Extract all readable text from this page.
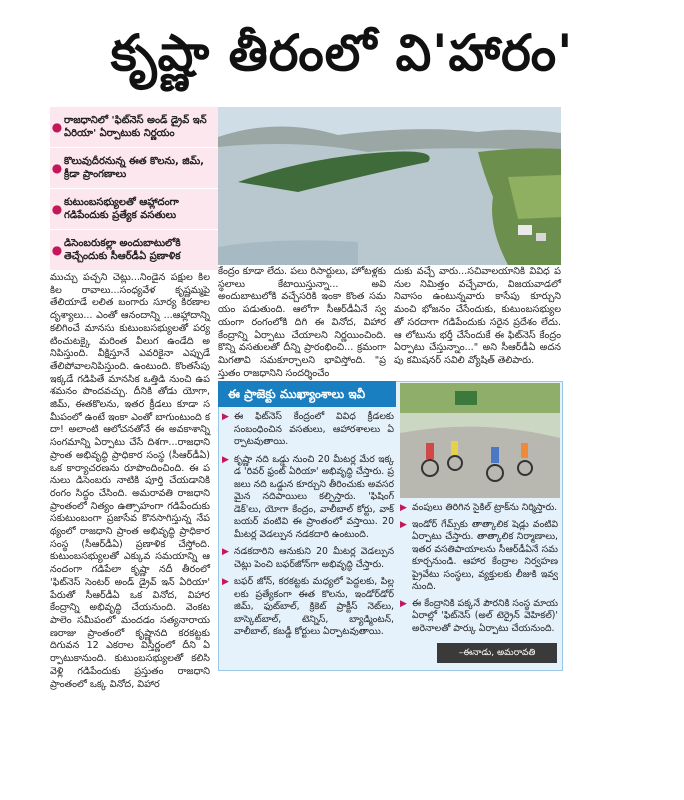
కృష్ణా తీరంలో వి'హారం'
● రాజధానిలో 'ఫిట్‌నెస్ అండ్ డ్రైవ్ ఇన్ ఏరియా' ఏర్పాటుకు నిర్ణయం
● కొలువుదీరనున్న ఈత కొలను, జిమ్, క్రీడా ప్రాంగణాలు
● కుటుంబసభ్యులతో ఆహ్లాదంగా గడిపేందుకు ప్రత్యేక వసతులు
● డిసెంబరుకల్లా అందుబాటులోకి తెచ్చేందుకు సీఆర్‌డీఏ ప్రణాళిక
ముచ్చు పచ్చని చెట్లు...నిండైన పక్షుల కిలకిల రావాలు...సంధ్యవేళ కృష్ణమ్మపై తేలియాడే లలిత బంగారు సూర్య కిరణాల దృశ్యాలు... ఎంతో ఆనందాన్ని ...ఆహ్లాదాన్ని కలిగించే మానసు కుటుంబసభ్యులతో పర్యటించుటక్కై మరింత వీలుగ ఉండేది అనిపిస్తుంది. వీక్షిస్తూనే ఎవరికైనా ఎప్పుడే తేలిపోవాలనిపిస్తుంది. ఉంటుంది. కొంతసేపు ఇక్కడే గడిపితే మానసిక ఒత్తిడి నుంచి ఉపశమనం పొందవచ్చు. దీనికి తోడు యోగా, జిమ్, ఈతకొలను, ఇతర క్రీడలు కూడా సమీపంలో ఉంటే ఇంకా ఎంతో బాగుంటుంది కదా! అలాంటి ఆలోచనతోనే ఈ అవకాశాన్ని సంగమాన్ని ఏర్పాటు చేసే దిశగా...రాజధాని ప్రాంత అభివృద్ధి ప్రాధికార సంస్థ (సీఆర్‌డీఏ) ఒక కార్యాచరణను రూపొందించింది. ఈ పనులు డిసెంబరు నాటికి పూర్తి చేయడానికి రంగం సిద్ధం చేసింది. అమరావతి రాజధాని ప్రాంతంలో నిత్యం ఉత్సాహంగా గడిపేందుకు సకుటుంబంగా ప్రజాసేవ కొనసాగిస్తున్న నేపథ్యంలో రాజధాని ప్రాంత అభివృద్ధి ప్రాధికార సంస్థ (సీఆర్‌డీఏ) ప్రణాళిక చేస్తోంది. కుటుంబసభ్యులతో ఎక్కువ సమయాన్ని ఆనందంగా గడిపేలా కృష్ణా నదీ తీరంలో 'ఫిట్‌నెస్ సెంటర్ అండ్ డ్రైవ్ ఇన్ ఏరియా' పేరుతో సీఆర్‌డీఏ ఒక వినోద, విహార కేంద్రాన్ని అభివృద్ధి చేయనుంది. వెంకటపాలెం సమీపంలో మందడం సత్యనారాయణరాజు ప్రాంతంలో కృష్ణానది కరకట్టకు దిగువన 12 ఎకరాల విస్తీర్ణంలో దీని ఏర్పాటుకానుంది. కుటుంబసభ్యులతో కలిసి వెళ్లి గడిపేందుకు ప్రస్తుతం రాజధాని ప్రాంతంలో ఒక్క వినోద, విహార
కేంద్రం కూడా లేదు. పలు రిసార్టులు, హోటళ్లకు స్థలాలు కేటాయిస్తున్నా... అవి అందుబాటులోకి వచ్చేసరికి ఇంకా కొంత సమయం పడుతుంది. ఆలోగా సీఆర్‌డీఏనే స్వయంగా రంగంలోకి దిగి ఈ వినోద, విహార కేంద్రాన్ని ఏర్పాటు చేయాలని నిర్ణయించింది. కొన్ని వసతులతో దీన్ని ప్రారంభించి... క్రమంగా మిగతావి సమకూర్చాలని భావిస్తోంది. "ప్రస్తుతం రాజధానిని సందర్శించేం
దుకు వచ్చే వారు...సచివాలయానికి వివిధ పనుల నిమిత్తం వచ్చేవారు, విజయవాడలో నివాసం ఉంటున్నవారు కాసేపు కూర్చుని మంచి భోజనం చేసేందుకు, కుటుంబసభ్యులతో సరదాగా గడిపేందుకు సరైన ప్రదేశం లేదు. ఆ లోటును భర్తీ చేసేందుకే ఈ ఫిట్‌నెస్ కేంద్రం ఏర్పాటు చేస్తున్నాం..." అని సీఆర్‌డీఏ అదనపు కమిషనర్ సవిలి వ్యోషిత్ తెలిపారు.
ఈ ప్రాజెక్టు ముఖ్యాంశాలు ఇవీ
▶ ఈ ఫిట్‌నెస్ కేంద్రంలో వివిధ క్రీడలకు సంబంధించిన వసతులు, ఆహారశాలలు ఏర్పాటవుతాయి.
▶ కృష్ణా నది ఒడ్డు నుంచి 20 మీటర్ల మేర ఇక్కడ 'రివర్ ఫ్రంట్ ఏరియా' అభివృద్ధి చేస్తారు. ప్రజలు నది ఒడ్డున కూర్చుని తీరించుకు అవసరమైన నదిపాయిలు కల్పిస్తారు. 'ఫిషింగ్ డెక్'లు, యోగా కేంద్రం, వాలీబాల్ కోర్టు, వాక్ బయర్ వంటివి ఈ ప్రాంతంలో వస్తాయి. 20 మీటర్ల వెడల్పున నడకదారి ఉంటుంది.
▶ నడకదారిని ఆనుకుని 20 మీటర్ల వెడల్పున చెట్లు పెంచి బఫర్‌జోన్‌గా అభివృద్ధి చేస్తారు.
▶ బఫర్ జోన్, కరకట్టకు మధ్యలో పెద్దలకు, పిల్లలకు ప్రత్యేకంగా ఈత కొలను, ఇండోర్‌డోర్ జిమ్, ఫుట్‌బాల్, క్రికెట్ ప్రాక్టీస్ నెట్‌లు, బాస్కెట్‌బాల్, టెన్నిస్, బ్యాడ్మింటన్, వాలీబాల్, కబడ్డీ కోర్టులు ఏర్పాటవుతాయి.
▶ వంపులు తిరిగిన సైకిల్ ట్రాక్‌ను నిర్మిస్తారు.
▶ ఇండోర్ గేమ్స్‌కు తాత్కాలిక షెడ్లు వంటివి ఏర్పాటు చేస్తారు. తాత్కాలిక నిర్మాణాలు, ఇతర వసతిపాయాలను సీఆర్‌డీఏనే సమకూర్చనుండి. ఆహార కేంద్రాల నిర్వహణ ప్రైవేటు సంస్థలు, వ్యక్తులకు లీజుకి ఇవ్వనుంది.
▶ ఈ కేంద్రానికి పక్కనే పౌరనికి సంస్థ మాయ ఏరాల్లో 'ఫిట్‌నెస్ (అల్ టెర్రైన్ వెహికల్)' అరెనాలతో పార్కు ఏర్పాటు చేయనుంది.
–ఈనాడు, అమరావతి
